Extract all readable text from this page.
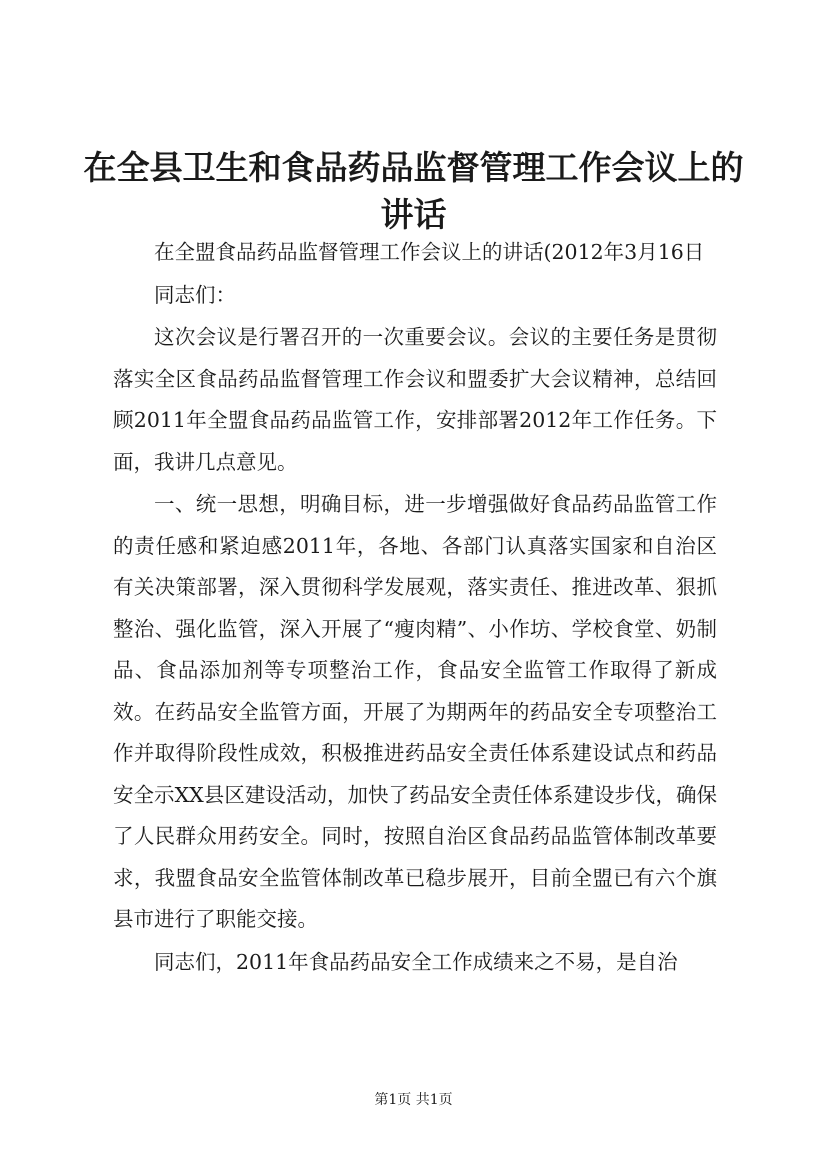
在全县卫生和食品药品监督管理工作会议上的
讲话

在全盟食品药品监督管理工作会议上的讲话(2012年3月16日

同志们：

这次会议是行署召开的一次重要会议。会议的主要任务是贯彻落实全区食品药品监督管理工作会议和盟委扩大会议精神，总结回顾2011年全盟食品药品监管工作，安排部署2012年工作任务。下面，我讲几点意见。

一、统一思想，明确目标，进一步增强做好食品药品监管工作的责任感和紧迫感2011年，各地、各部门认真落实国家和自治区有关决策部署，深入贯彻科学发展观，落实责任、推进改革、狠抓整治、强化监管，深入开展了“瘦肉精”、小作坊、学校食堂、奶制品、食品添加剂等专项整治工作，食品安全监管工作取得了新成效。在药品安全监管方面，开展了为期两年的药品安全专项整治工作并取得阶段性成效，积极推进药品安全责任体系建设试点和药品安全示XX县区建设活动，加快了药品安全责任体系建设步伐，确保了人民群众用药安全。同时，按照自治区食品药品监管体制改革要求，我盟食品安全监管体制改革已稳步展开，目前全盟已有六个旗县市进行了职能交接。

同志们，2011年食品药品安全工作成绩来之不易，是自治

第1页 共1页
